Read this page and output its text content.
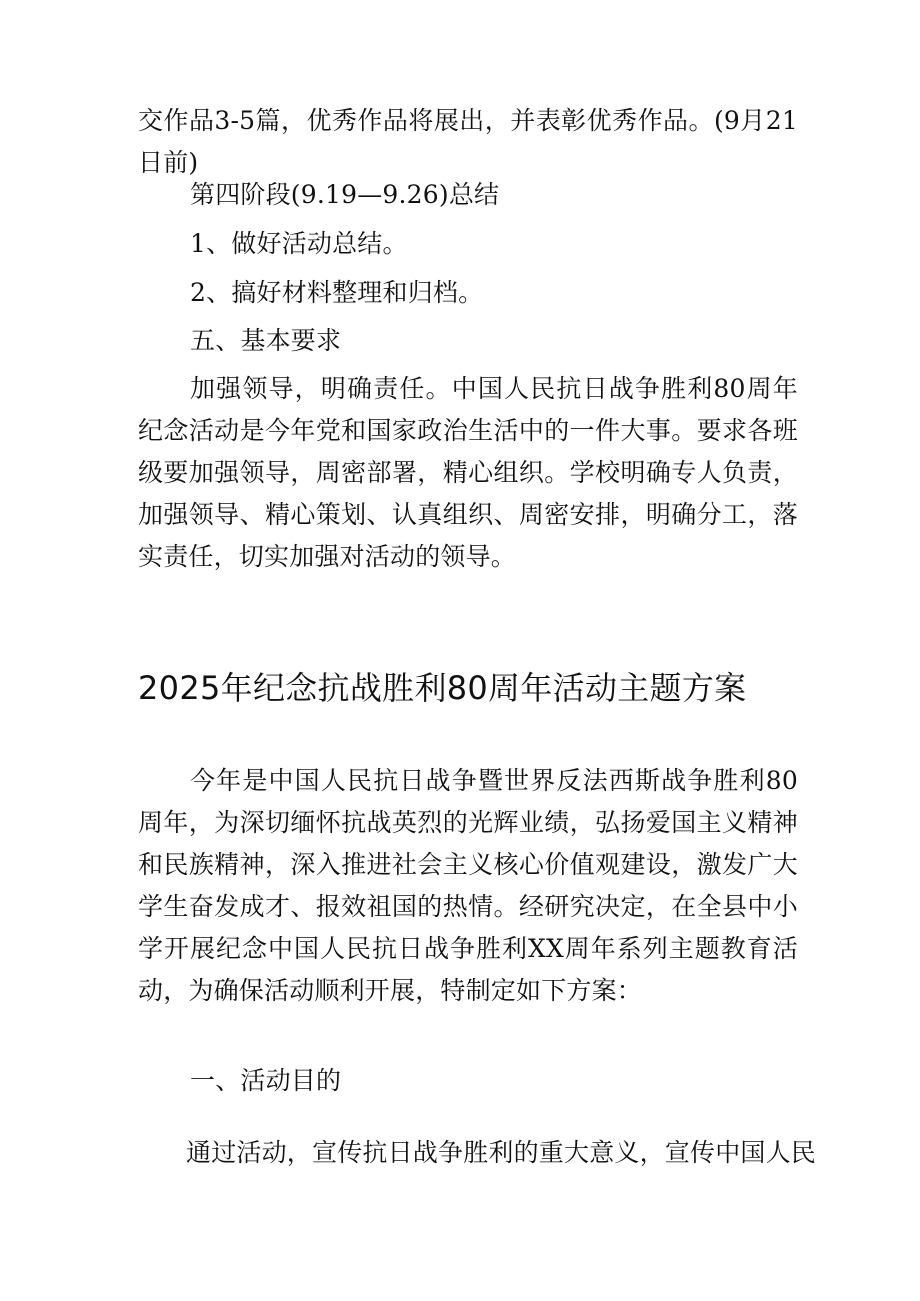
交作品3-5篇，优秀作品将展出，并表彰优秀作品。(9月21日前)

第四阶段(9.19—9.26)总结

1、做好活动总结。

2、搞好材料整理和归档。

五、基本要求

加强领导，明确责任。中国人民抗日战争胜利80周年纪念活动是今年党和国家政治生活中的一件大事。要求各班级要加强领导，周密部署，精心组织。学校明确专人负责，加强领导、精心策划、认真组织、周密安排，明确分工，落实责任，切实加强对活动的领导。

2025年纪念抗战胜利80周年活动主题方案

今年是中国人民抗日战争暨世界反法西斯战争胜利80周年，为深切缅怀抗战英烈的光辉业绩，弘扬爱国主义精神和民族精神，深入推进社会主义核心价值观建设，激发广大学生奋发成才、报效祖国的热情。经研究决定，在全县中小学开展纪念中国人民抗日战争胜利XX周年系列主题教育活动，为确保活动顺利开展，特制定如下方案：

一、活动目的

通过活动，宣传抗日战争胜利的重大意义，宣传中国人民
